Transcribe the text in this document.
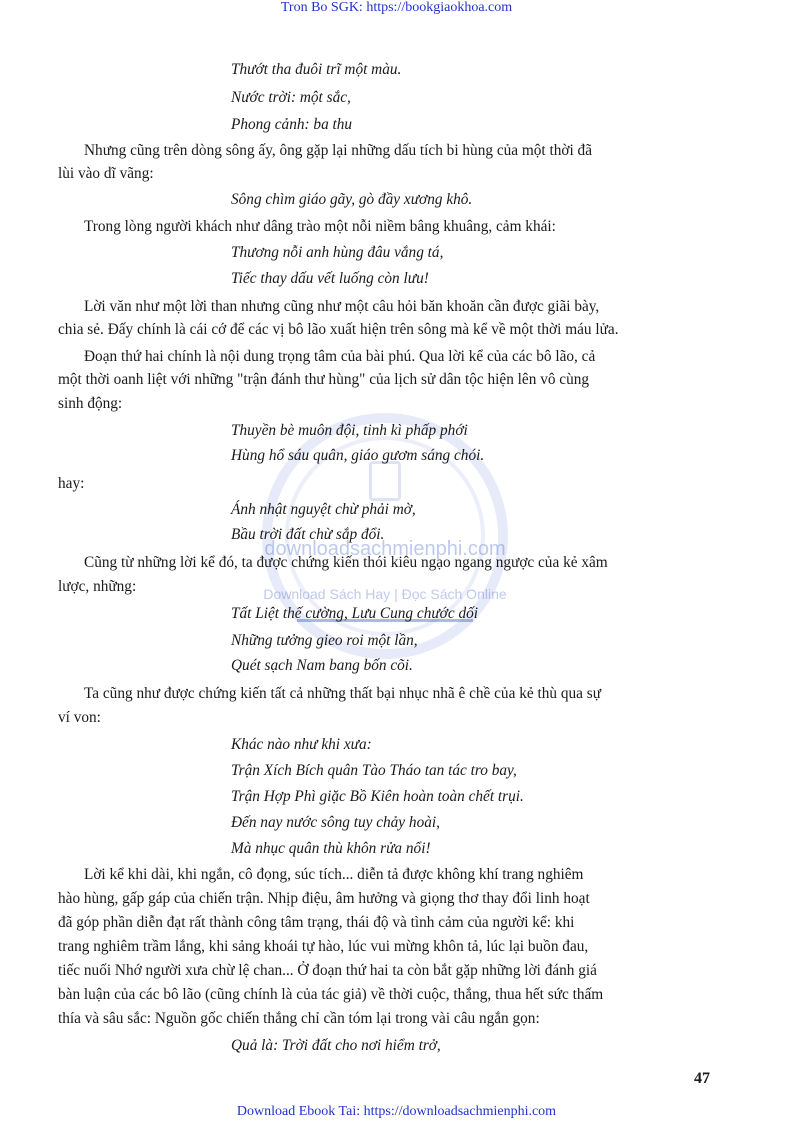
Tron Bo SGK: https://bookgiaokhoa.com
downloadsachmienphi.com
Download Sách Hay | Đọc Sách Online
Thướt tha đuôi trĩ một màu.
Nước trời: một sắc,
Phong cảnh: ba thu
Nhưng cũng trên dòng sông ấy, ông gặp lại những dấu tích bi hùng của một thời đã
lùi vào dĩ vãng:
Sông chìm giáo gãy, gò đầy xương khô.
Trong lòng người khách như dâng trào một nỗi niềm bâng khuâng, cảm khái:
Thương nỗi anh hùng đâu vắng tá,
Tiếc thay dấu vết luống còn lưu!
Lời văn như một lời than nhưng cũng như một câu hỏi băn khoăn cần được giãi bày,
chia sẻ. Đấy chính là cái cớ để các vị bô lão xuất hiện trên sông mà kể về một thời máu lửa.
Đoạn thứ hai chính là nội dung trọng tâm của bài phú. Qua lời kể của các bô lão, cả
một thời oanh liệt với những "trận đánh thư hùng" của lịch sử dân tộc hiện lên vô cùng
sinh động:
Thuyền bè muôn đội, tinh kì phấp phới
Hùng hổ sáu quân, giáo gươm sáng chói.
hay:
Ánh nhật nguyệt chừ phải mờ,
Bầu trời đất chừ sắp đổi.
Cũng từ những lời kể đó, ta được chứng kiến thói kiêu ngạo ngang ngược của kẻ xâm
lược, những:
Tất Liệt thế cường, Lưu Cung chước dối
Những tưởng gieo roi một lần,
Quét sạch Nam bang bốn cõi.
Ta cũng như được chứng kiến tất cả những thất bại nhục nhã ê chề của kẻ thù qua sự
ví von:
Khác nào như khi xưa:
Trận Xích Bích quân Tào Tháo tan tác tro bay,
Trận Hợp Phì giặc Bồ Kiên hoàn toàn chết trụi.
Đến nay nước sông tuy chảy hoài,
Mà nhục quân thù khôn rửa nổi!
Lời kể khi dài, khi ngắn, cô đọng, súc tích... diễn tả được không khí trang nghiêm
hào hùng, gấp gáp của chiến trận. Nhịp điệu, âm hưởng và giọng thơ thay đổi linh hoạt
đã góp phần diễn đạt rất thành công tâm trạng, thái độ và tình cảm của người kể: khi
trang nghiêm trầm lắng, khi sảng khoái tự hào, lúc vui mừng khôn tả, lúc lại buồn đau,
tiếc nuối Nhớ người xưa chừ lệ chan... Ở đoạn thứ hai ta còn bắt gặp những lời đánh giá
bàn luận của các bô lão (cũng chính là của tác giả) về thời cuộc, thắng, thua hết sức thấm
thía và sâu sắc: Nguồn gốc chiến thắng chỉ cần tóm lại trong vài câu ngắn gọn:
Quả là: Trời đất cho nơi hiểm trở,
47
Download Ebook Tai: https://downloadsachmienphi.com
